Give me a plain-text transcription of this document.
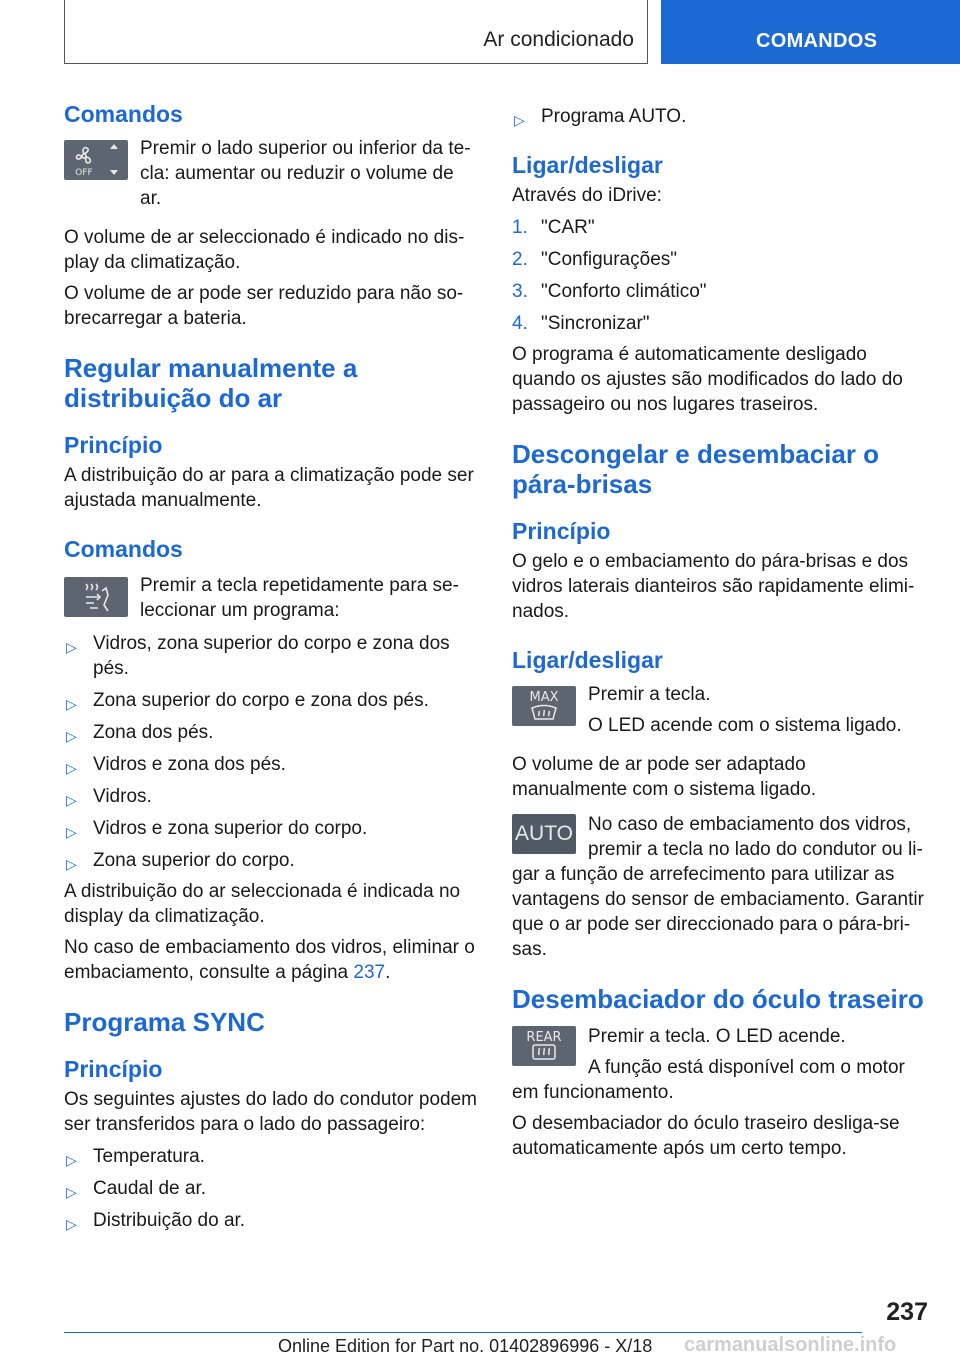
Ar condicionado	COMANDOS
Comandos
OFF

Premir o lado superior ou inferior da tecla: aumentar ou reduzir o volume de ar.

O volume de ar seleccionado é indicado no display da climatização.

O volume de ar pode ser reduzido para não sobrecarregar a bateria.

Regular manualmente a distribuição do ar
Princípio

A distribuição do ar para a climatização pode ser ajustada manualmente.

Comandos

Premir a tecla repetidamente para seleccionar um programa:

▷ Vidros, zona superior do corpo e zona dos pés.
▷ Zona superior do corpo e zona dos pés.
▷ Zona dos pés.
▷ Vidros e zona dos pés.
▷ Vidros.
▷ Vidros e zona superior do corpo.
▷ Zona superior do corpo.

A distribuição do ar seleccionada é indicada no display da climatização.

No caso de embaciamento dos vidros, eliminar o embaciamento, consulte a página 237.

Programa SYNC
Princípio

Os seguintes ajustes do lado do condutor podem ser transferidos para o lado do passageiro:

▷ Temperatura.
▷ Caudal de ar.
▷ Distribuição do ar.
▷ Programa AUTO.
Ligar/desligar

Através do iDrive:

1. "CAR"
2. "Configurações"
3. "Conforto climático"
4. "Sincronizar"

O programa é automaticamente desligado quando os ajustes são modificados do lado do passageiro ou nos lugares traseiros.

Descongelar e desembaciar o pára-brisas
Princípio

O gelo e o embaciamento do pára-brisas e dos vidros laterais dianteiros são rapidamente eliminados.

Ligar/desligar
MAX Premir a tecla.

O LED acende com o sistema ligado.

O volume de ar pode ser adaptado manualmente com o sistema ligado.

AUTO No caso de embaciamento dos vidros, premir a tecla no lado do condutor ou ligar a função de arrefecimento para utilizar as vantagens do sensor de embaciamento. Garantir que o ar pode ser direccionado para o pára-brisas.

Desembaciador do óculo traseiro
REAR	Premir a tecla. O LED acende.

A função está disponível com o motor em funcionamento.

O desembaciador do óculo traseiro desliga-se automaticamente após um certo tempo.

237
Online Edition for Part no. 01402896996 - X/18 carmanualsonline.info
